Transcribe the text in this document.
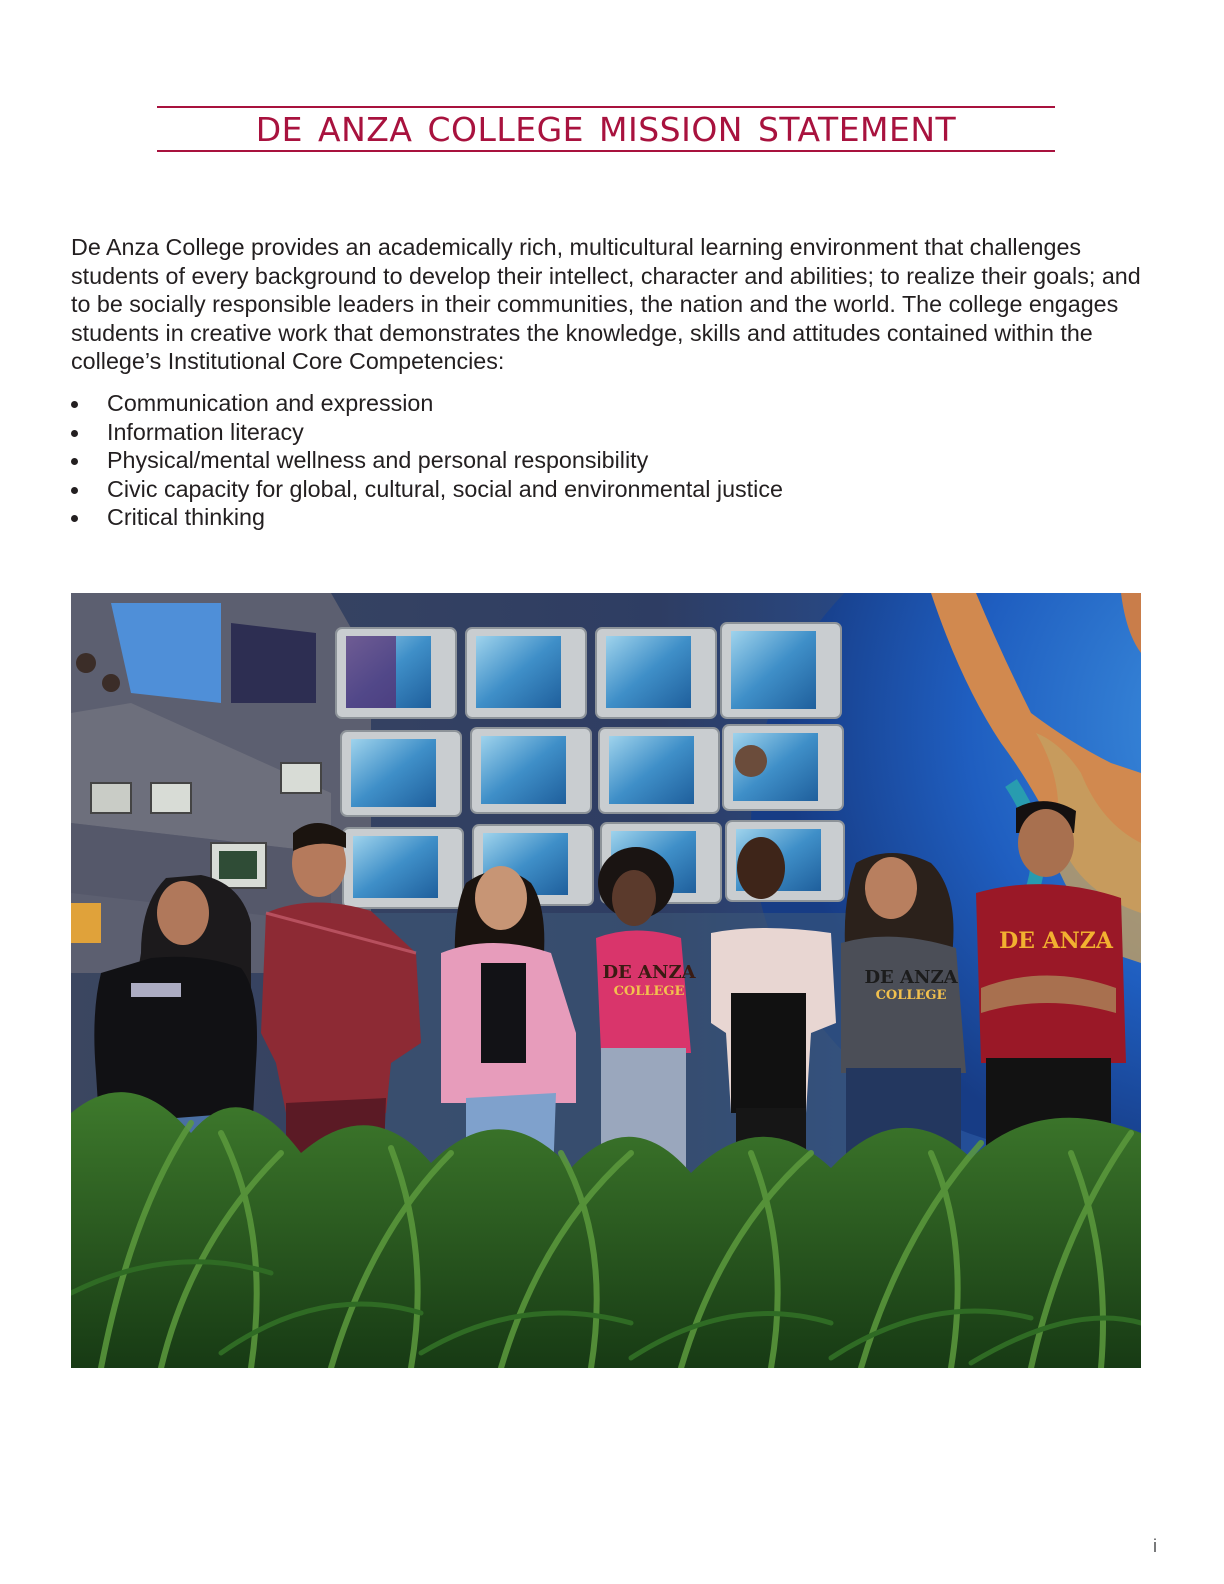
DE ANZA COLLEGE MISSION STATEMENT

De Anza College provides an academically rich, multicultural learning environment that challenges students of every background to develop their intellect, character and abilities; to realize their goals; and to be socially responsible leaders in their communities, the nation and the world. The college engages students in creative work that demonstrates the knowledge, skills and attitudes contained within the college’s Institutional Core Competencies:

Communication and expression
Information literacy
Physical/mental wellness and personal responsibility
Civic capacity for global, cultural, social and environmental justice
Critical thinking
DE ANZA
COLLEGE
DE ANZA
COLLEGE
DE ANZA
i
